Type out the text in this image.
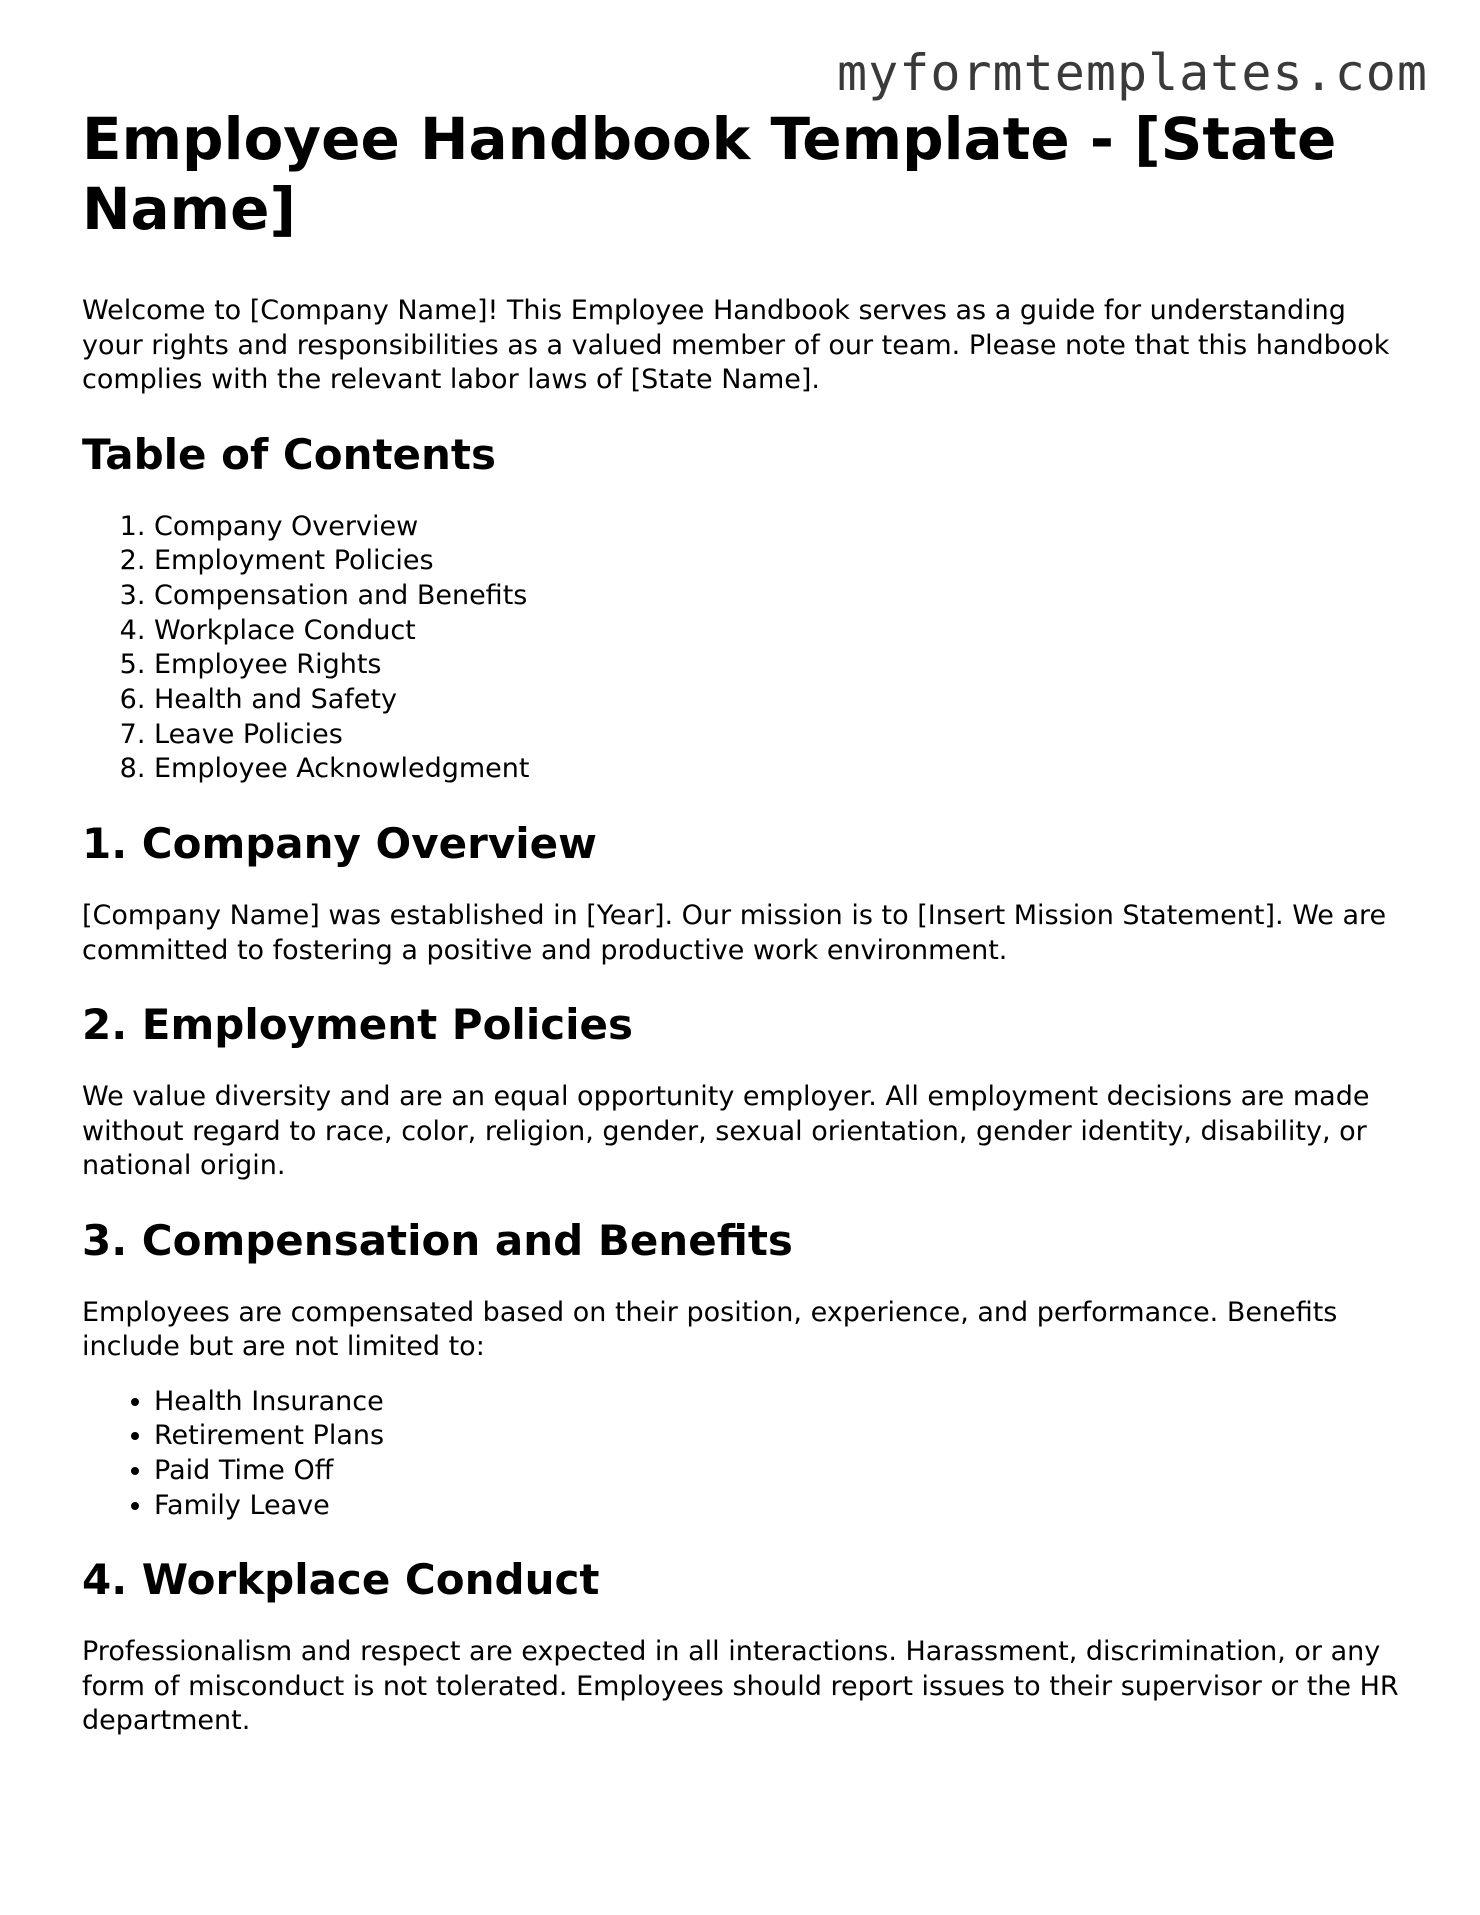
myformtemplates.com
Employee Handbook Template - [State Name]

Welcome to [Company Name]! This Employee Handbook serves as a guide for understanding your rights and responsibilities as a valued member of our team. Please note that this handbook complies with the relevant labor laws of [State Name].

Table of Contents
1. Company Overview
2. Employment Policies
3. Compensation and Benefits
4. Workplace Conduct
5. Employee Rights
6. Health and Safety
7. Leave Policies
8. Employee Acknowledgment
1. Company Overview

[Company Name] was established in [Year]. Our mission is to [Insert Mission Statement]. We are committed to fostering a positive and productive work environment.

2. Employment Policies

We value diversity and are an equal opportunity employer. All employment decisions are made without regard to race, color, religion, gender, sexual orientation, gender identity, disability, or national origin.

3. Compensation and Benefits

Employees are compensated based on their position, experience, and performance. Benefits include but are not limited to:

• Health Insurance
• Retirement Plans
• Paid Time Off
• Family Leave
4. Workplace Conduct

Professionalism and respect are expected in all interactions. Harassment, discrimination, or any form of misconduct is not tolerated. Employees should report issues to their supervisor or the HR department.
